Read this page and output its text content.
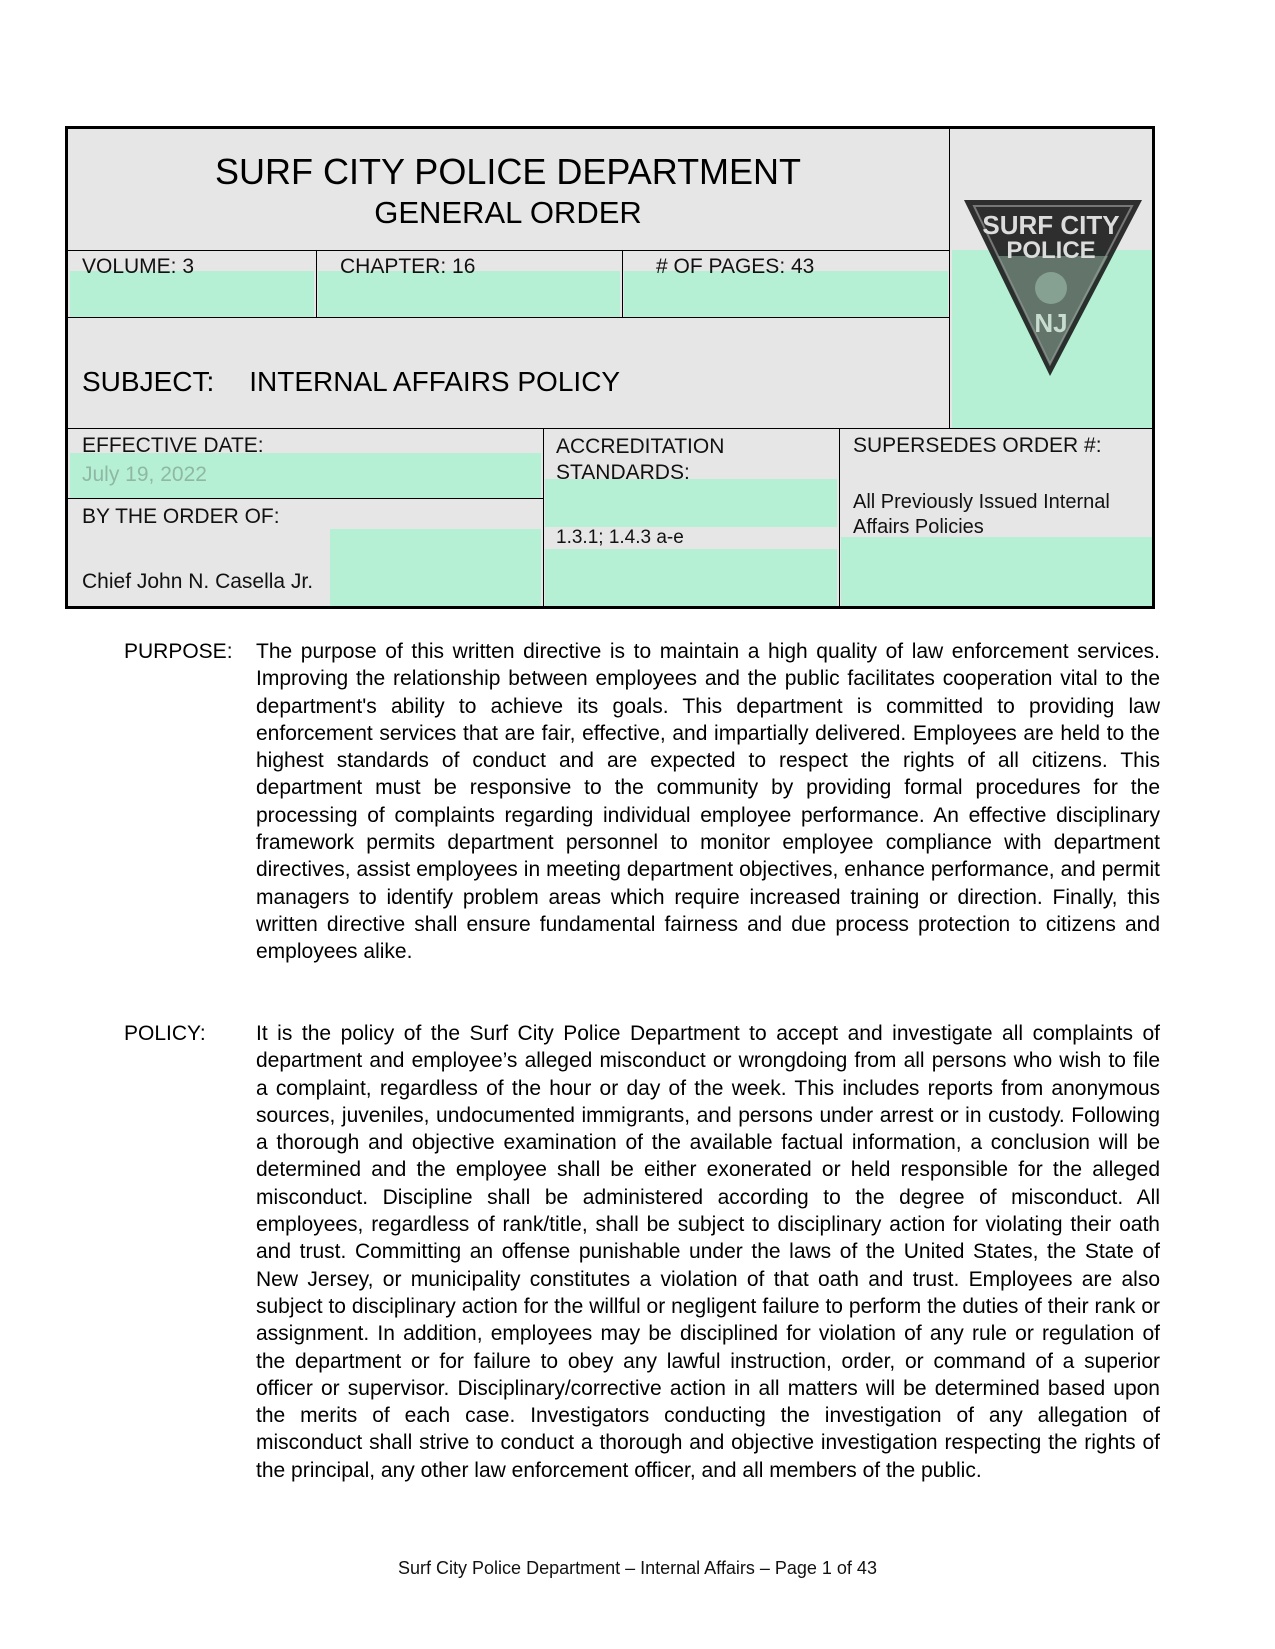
SURF CITY POLICE DEPARTMENT
GENERAL ORDER
VOLUME: 3	CHAPTER: 16	# OF PAGES: 43
SUBJECT: INTERNAL AFFAIRS POLICY
EFFECTIVE DATE:
July 19, 2022
BY THE ORDER OF:
Chief John N. Casella Jr.
ACCREDITATION STANDARDS:
1.3.1; 1.4.3 a-e
SUPERSEDES ORDER #:
All Previously Issued Internal Affairs Policies
SURF CITY
POLICE
NJ
PURPOSE: The purpose of this written directive is to maintain a high quality of law enforcement services. Improving the relationship between employees and the public facilitates cooperation vital to the department's ability to achieve its goals. This department is committed to providing law enforcement services that are fair, effective, and impartially delivered. Employees are held to the highest standards of conduct and are expected to respect the rights of all citizens. This department must be responsive to the community by providing formal procedures for the processing of complaints regarding individual employee performance. An effective disciplinary framework permits department personnel to monitor employee compliance with department directives, assist employees in meeting department objectives, enhance performance, and permit managers to identify problem areas which require increased training or direction. Finally, this written directive shall ensure fundamental fairness and due process protection to citizens and employees alike.
POLICY: It is the policy of the Surf City Police Department to accept and investigate all complaints of department and employee’s alleged misconduct or wrongdoing from all persons who wish to file a complaint, regardless of the hour or day of the week. This includes reports from anonymous sources, juveniles, undocumented immigrants, and persons under arrest or in custody. Following a thorough and objective examination of the available factual information, a conclusion will be determined and the employee shall be either exonerated or held responsible for the alleged misconduct. Discipline shall be administered according to the degree of misconduct. All employees, regardless of rank/title, shall be subject to disciplinary action for violating their oath and trust. Committing an offense punishable under the laws of the United States, the State of New Jersey, or municipality constitutes a violation of that oath and trust. Employees are also subject to disciplinary action for the willful or negligent failure to perform the duties of their rank or assignment. In addition, employees may be disciplined for violation of any rule or regulation of the department or for failure to obey any lawful instruction, order, or command of a superior officer or supervisor. Disciplinary/corrective action in all matters will be determined based upon the merits of each case. Investigators conducting the investigation of any allegation of misconduct shall strive to conduct a thorough and objective investigation respecting the rights of the principal, any other law enforcement officer, and all members of the public.
Surf City Police Department – Internal Affairs – Page 1 of 43
